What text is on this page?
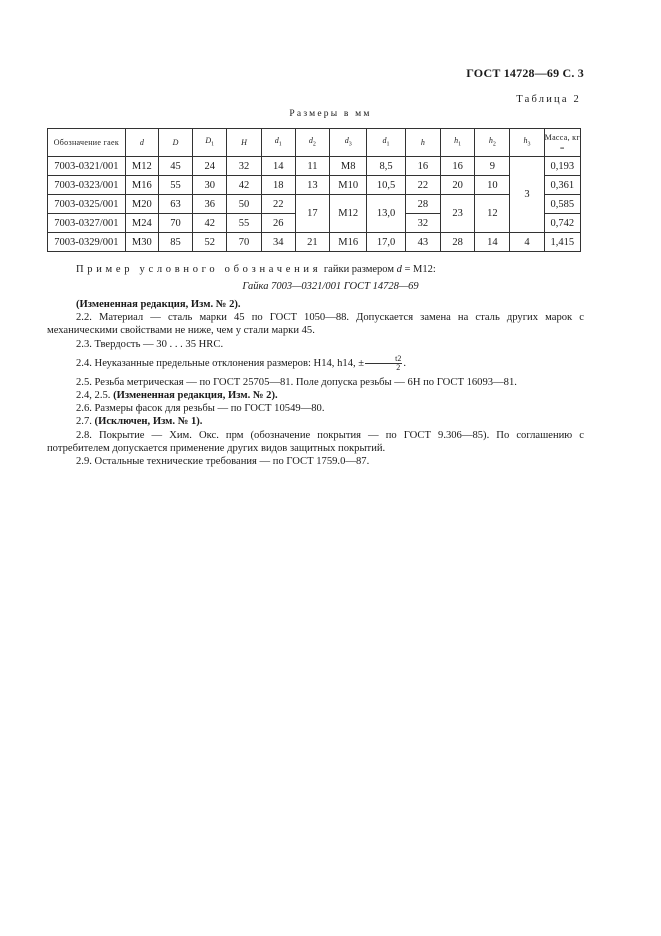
ГОСТ 14728—69 С. 3
Таблица 2
Размеры в мм
Обозначение гаек	d	D	$D_1$	H	$d_1$	$d_2$	$d_3$	$d_1$	h	$h_1$	$h_2$	$h_3$	Масса, кг =
7003-0321/001	M12	45	24	32	14	11	M8	8,5	16	16	9	3	0,193
7003-0323/001	M16	55	30	42	18	13	M10	10,5	22	20	10		0,361
7003-0325/001	M20	63	36	50	22	17	M12	13,0	28	23	12		0,585
7003-0327/001	M24	70	42	55	26				32				0,742
7003-0329/001	M30	85	52	70	34	21	M16	17,0	43	28	14	4	1,415
Пример условного обозначения гайки размером d = M12:
Гайка 7003—0321/001 ГОСТ 14728—69

(Измененная редакция, Изм. № 2).

2.2. Материал — сталь марки 45 по ГОСТ 1050—88. Допускается замена на сталь других марок с механическими свойствами не ниже, чем у стали марки 45.

2.3. Твердость — 30 . . . 35 HRC.

2.4. Неуказанные предельные отклонения размеров: H14, h14, ± $\frac{t2}{2}$ .

2.5. Резьба метрическая — по ГОСТ 25705—81. Поле допуска резьбы — 6H по ГОСТ 16093—81.

2.4, 2.5. (Измененная редакция, Изм. № 2).

2.6. Размеры фасок для резьбы — по ГОСТ 10549—80.

2.7. (Исключен, Изм. № 1).

2.8. Покрытие — Хим. Окс. прм (обозначение покрытия — по ГОСТ 9.306—85). По соглашению с потребителем допускается применение других видов защитных покрытий.

2.9. Остальные технические требования — по ГОСТ 1759.0—87.
